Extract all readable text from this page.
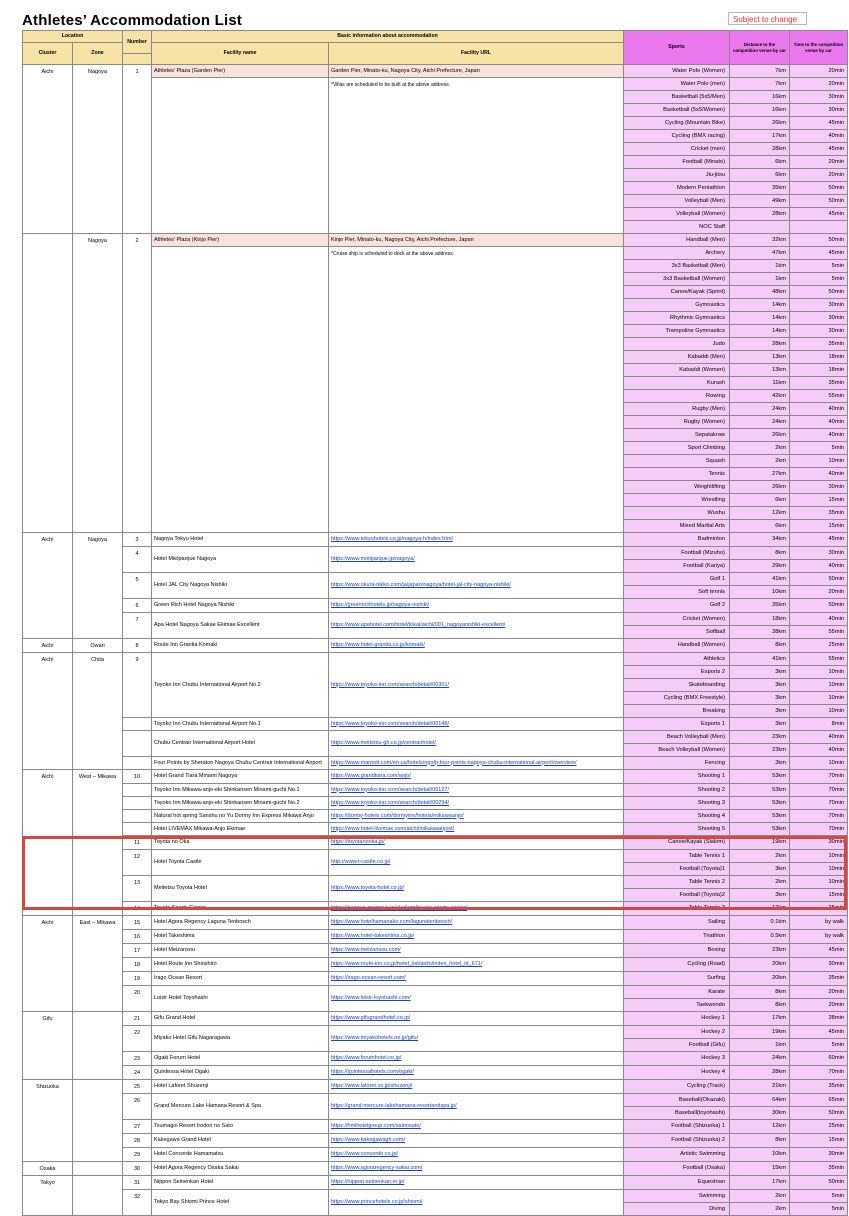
Athletes’ Accommodation List	Subject to change
Location		Number	Basic information about accommodation		Sports	Distance to the competition venue by car	Time to the competition venue by car
Cluster	Zone		Facility name	Facility URL			

Aichi	Nagoya	1	Athletes' Plaza (Garden Pier)	Garden Pier, Minato-ku, Nagoya City, Aichi Prefecture, Japan	Water Polo (Women)	7km	20min
				*Villas are scheduled to be built at the above address.	Water Polo (men)	7km	20min
					Basketball (5x5/Men)	16km	30min
					Basketball (5x5/Women)	16km	30min
					Cycling (Mountain Bike)	26km	45min
					Cycling (BMX racing)	17km	40min
					Cricket (men)	28km	45min
					Football (Minato)	6km	20min
					Jiu-jitsu	6km	20min
					Modern Pentathlon	35km	50min
					Volleyball (Men)	49km	50min
					Volleyball (Women)	28km	45min
					NOC Staff		
	Nagoya	2	Athletes' Plaza (Kinjo Pier)	Kinjo Pier, Minato-ku, Nagoya City, Aichi Prefecture, Japan	Handball (Men)	32km	50min
				*Cruise ship is scheduled to dock at the above address.	Archery	47km	45min
					3x3 Basketball (Men)	1km	5min
					3x3 Basketball (Women)	1km	5min
					Canoe/Kayak (Sprint)	48km	50min
					Gymnastics	14km	30min
					Rhythmic Gymnastics	14km	30min
					Trampoline Gymnastics	14km	30min
					Judo	28km	35min
					Kabaddi (Men)	13km	18min
					Kabaddi (Women)	13km	18min
					Kurash	11km	35min
					Rowing	42km	55min
					Rugby (Men)	24km	40min
					Rugby (Women)	24km	40min
					Sepatakraw	26km	40min
					Sport Climbing	2km	5min
					Squash	2km	10min
					Tennis	27km	40min
					Weightlifting	26km	30min
					Wrestling	6km	15min
					Wushu	12km	35min
					Mixed Martial Arts	6km	15min
Aichi	Nagoya	3	Nagoya Tokyu Hotel	https://www.tokyuhotels.co.jp/nagoya-h/index.html	Badminton	34km	45min
		4	Hotel Mielparque Nagoya	https://www.mielparque.jp/nagoya/	Football (Mizuho)	8km	30min
					Football (Kariya)	29km	40min
		5	Hotel JAL City Nagoya Nishiki	https://www.okura-nikko.com/ja/japan/nagoya/hotel-jal-city-nagoya-nishiki/	Golf 1	41km	50min
					Soft tennis	10km	20min
		6	Green Rich Hotel Nagoya Nishiki	https://greenrichhotels.jp/nagoya-nishiki/	Golf 2	35km	50min
		7	Apa Hotel Nagoya Sakae Ekimae Excellent	https://www.apahotel.com/hotel/tokai/aichi/001_nagoyanishiki-excellent/	Cricket (Women)	18km	40min
					Softball	38km	55min
Aichi	Owari	8	Route Inn Grantia Komaki	https://www.hotel-grantia.co.jp/komaki/	Handball (Women)	8km	25min
Aichi	Chita	9	Toyoko Inn Chubu International Airport No.2	https://www.toyoko-inn.com/search/detail/00301/	Athletics	41km	55min
					Esports 2	3km	10min
					Skateboarding	3km	10min
					Cycling (BMX Freestyle)	3km	10min
					Breaking	3km	10min
			Toyoko Inn Chubu International Airport No.1	https://www.toyoko-inn.com/search/detail/00148/	Esports 1	3km	8min
			Chubu Centrair International Airport Hotel	https://www.meitetsu-gh.co.jp/centrairhotel/	Beach Volleyball (Men)	23km	40min
					Beach Volleyball (Women)	23km	40min
			Four Points by Sheraton Nagoya Chubu Centrair International Airport	https://www.marriott.com/en-us/hotels/ngofp-four-points-nagoya-chubu-international-airport/overview/	Fencing	3km	10min
Aichi	West – Mikawa	10	Hotel Grand Tiara Minami Nagoya	https://www.grandtiara.com/anjo/	Shooting 1	53km	70min
			Toyoko Inn Mikawa-anjo-eki Shinkansen Minami-guchi No.1	https://www.toyoko-inn.com/search/detail/00127/	Shooting 2	53km	70min
			Toyoko Inn Mikawa-anjo-eki Shinkansen Minami-guchi No.2	https://www.toyoko-inn.com/search/detail/00294/	Shooting 3	53km	70min
			Natural hot spring Sanshu no Yu Dormy Inn Express Mikawa Anjo	https://dormy-hotels.com/dormyinn/hotels/mikawaanjo/	Shooting 4	53km	70min
			Hotel LIVEMAX Mikawa-Anjo Ekimae	https://www.hotel-livemax.com/aichi/mikawaanjost/	Shooting 5	53km	70min
		11	Toyota no Oka	https://toyotanooka.jp/	Canoe/Kayak (Slalom)	19km	30min
		12	Hotel Toyota Castle	http://www.t-castle.co.jp/	Table Tennis 1	2km	10min
					Football (Toyota)1	3km	10min
		13	Meitetsu Toyota Hotel	https://www.toyota-hotel.co.jp/	Table Tennis 2	2km	10min
					Football (Toyota)2	3km	15min
		14	Toyota Sports Center	https://nagoya-grampus.jp/stadium/toyota-sports-center/	Table Tennis 3	12km	35min
Aichi	East – Mikawa	15	Hotel Agora Regency Laguna Tenbosch	https://www.hotelhamanako.com/lagunatenbosch/	Sailing	0.1km	by walk
		16	Hotel Takeshima	https://www.hotel-takeshima.co.jp/	Triathlon	0.5km	by walk
		17	Hotel Meizansou	https://www.meizansou.com/	Boxing	23km	45min
		18	Hotel Route Inn Shinshiro	https://www.route-inn.co.jp/hotel_list/aichi/index_hotel_id_671/	Cycling (Road)	20km	30min
		19	Irago Ocean Resort	https://irago-ocean-resort.com/	Surfing	20km	35min
		20	Loisir Hotel Toyohashi	https://www.loisir-toyohashi.com/	Karate	8km	20min
					Taekwondo	8km	20min
Gifu		21	Gifu Grand Hotel	https://www.gifugrandhotel.co.jp/	Hockey 1	17km	38min
		22	Miyako Hotel Gifu Nagaragawa	https://www.miyakohotels.ne.jp/gifu/	Hockey 2	19km	45min
					Football (Gifu)	1km	5min
		23	Ogaki Forum Hotel	https://www.forumhotel.co.jp/	Hockey 3	24km	60min
		24	Quintessa Hotel Ogaki	https://quintessahotels.com/ogaki/	Hockey 4	28km	70min
Shizuoka		25	Hotel Laforet Shuzenji	https://www.laforet.co.jp/shuzenji/	Cycling (Track)	21km	35min
		26	Grand Mercure Lake Hamana Resort & Spa	https://grand-mercure-lakehamana-resortandspa.jp/	Baseball(Okazaki)	64km	65min
					Baseball(toyohashi)	30km	50min
		27	Tsumagoi Resort Irodori no Sato	https://hmihotelgroup.com/sainosato/	Football (Shizuoka) 1	12km	25min
		28	Kakegawa Grand Hotel	https://www.kakegawagh.com/	Football (Shizuoka) 2	8km	15min
		29	Hotel Concorde Hamamatsu	https://www.concorde.co.jp/	Artistic Swimming	10km	30min
Osaka		30	Hotel Agora Regency Osaka Sakai	https://www.agoraregency-sakai.com/	Football (Osaka)	15km	35min
Tokyo		31	Nippon Seinenkan Hotel	https://nippon-seinenkan.or.jp/	Equestrian	17km	50min
		32	Tokyo Bay Shiomi Prince Hotel	https://www.princehotels.co.jp/shiomi/	Swimming	2km	5min
					Diving	2km	5min
